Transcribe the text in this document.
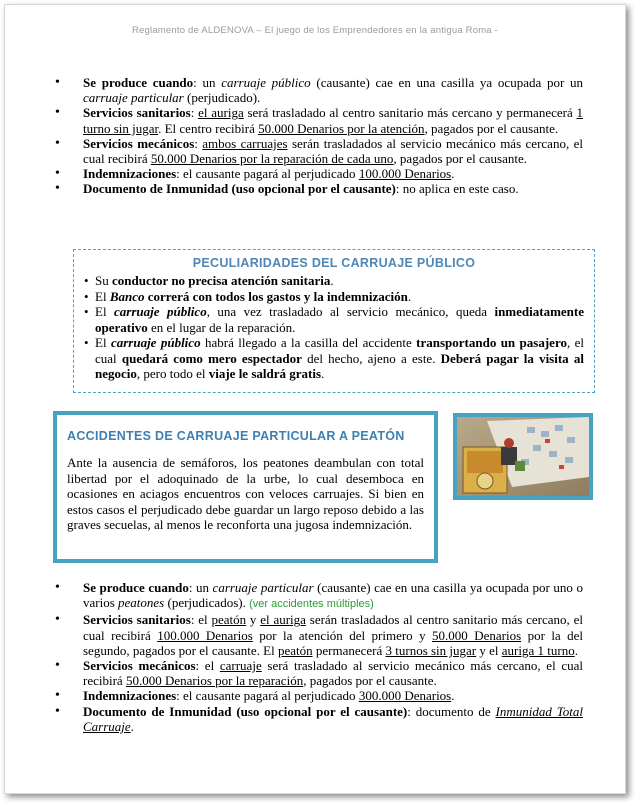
Reglamento de ALDENOVA – El juego de los Emprendedores en la antigua Roma -
• Se produce cuando: un carruaje público (causante) cae en una casilla ya ocupada por un carruaje particular (perjudicado).
• Servicios sanitarios: el auriga será trasladado al centro sanitario más cercano y permanecerá 1 turno sin jugar. El centro recibirá 50.000 Denarios por la atención, pagados por el causante.
• Servicios mecánicos: ambos carruajes serán trasladados al servicio mecánico más cercano, el cual recibirá 50.000 Denarios por la reparación de cada uno, pagados por el causante.
• Indemnizaciones: el causante pagará al perjudicado 100.000 Denarios.
• Documento de Inmunidad (uso opcional por el causante): no aplica en este caso.
PECULIARIDADES DEL CARRUAJE PÚBLICO
• Su conductor no precisa atención sanitaria.
• El Banco correrá con todos los gastos y la indemnización.
• El carruaje público, una vez trasladado al servicio mecánico, queda inmediatamente operativo en el lugar de la reparación.
• El carruaje público habrá llegado a la casilla del accidente transportando un pasajero, el cual quedará como mero espectador del hecho, ajeno a este. Deberá pagar la visita al negocio, pero todo el viaje le saldrá gratis.
ACCIDENTES DE CARRUAJE PARTICULAR A PEATÓN

Ante la ausencia de semáforos, los peatones deambulan con total libertad por el adoquinado de la urbe, lo cual desemboca en ocasiones en aciagos encuentros con veloces carruajes. Si bien en estos casos el perjudicado debe guardar un largo reposo debido a las graves secuelas, al menos le reconforta una jugosa indemnización.

• Se produce cuando: un carruaje particular (causante) cae en una casilla ya ocupada por uno o varios peatones (perjudicados). (ver accidentes múltiples)
• Servicios sanitarios: el peatón y el auriga serán trasladados al centro sanitario más cercano, el cual recibirá 100.000 Denarios por la atención del primero y 50.000 Denarios por la del segundo, pagados por el causante. El peatón permanecerá 3 turnos sin jugar y el auriga 1 turno.
• Servicios mecánicos: el carruaje será trasladado al servicio mecánico más cercano, el cual recibirá 50.000 Denarios por la reparación, pagados por el causante.
• Indemnizaciones: el causante pagará al perjudicado 300.000 Denarios.
• Documento de Inmunidad (uso opcional por el causante): documento de Inmunidad Total Carruaje.
